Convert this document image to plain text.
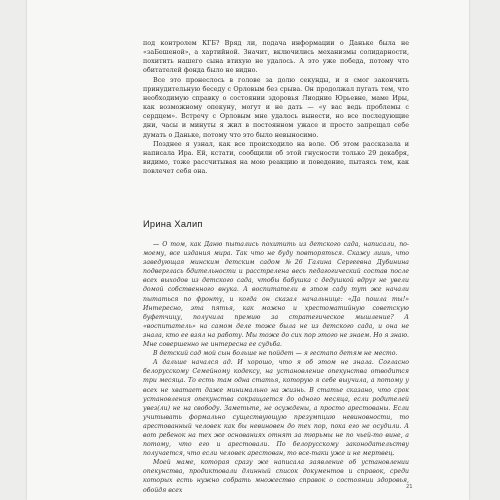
под контролем КГБ? Вряд ли, подача информации о Даньке была не «заБешеной», а хартийной. Значит, включились механизмы солидарности, похитить нашего сына втихую не удалось. А это уже победа, потому что обитателей фонда было не видно.

Все это пронеслось в голове за долю секунды, и я смог закончить принудительную беседу с Орловым без срыва. Он продолжал пугать тем, что необходимую справку о состоянии здоровья Лиодние Юрьевне, маме Иры, как возможному опекуну, могут и не дать — «у вас ведь проблемы с сердцем». Встречу с Орловым мне удалось вынести, но все последующие дни, часы и минуты я жил в постоянном ужасе и просто запрещал себе думать о Даньке, потому что это было невыносимо.

Позднее я узнал, как все происходило на воле. Об этом рассказала и написала Ира. Ей, кстати, сообщили об этой гнусности только 29 декабря, видимо, тоже рассчитывая на мою реакцию и поведение, пытаясь тем, как повлечет себя она.

Ирина Халип

— О том, как Даню пытались похитить из детского сада, написали, по-моему, все издания мира. Так что не буду повторяться. Скажу лишь, что заведующая минским детским садом №26 Галина Сергеевна Дубинина подверглась бдительности и расстрелена весь педагогический состав после всех выходов из детского сада, чтобы бабушка с дедушкой вдруг не увели домой собственного внука. А воспитатели в этом саду тут же начали пытаться по фронту, и когда он сказал начальнице: «Да пошла ты!» Интересно, эта пятья, как можно и хрестоматийную советскую буфетчицу, получила премию за стратегическое мышление? А «воспитатель» на самом деле тоже была не из детского сада, и она не знала, кто ее взял на работу. Мы тоже до сих пор этого не знаем. Но я знаю. Мне совершенно не интересна ее судьба.

В детский сад мой сын больше не пойдет — я гестапо детям не место.

А дальше начался ад. И хорошо, что я об этом не знала. Согласно белорусскому Семейному кодексу, на установление опекунства отводится три месяца. То есть там одна статья, которую я себе выучила, а потому у всех не хватает даже минимально на жизнь. В статье сказано, что срок установления опекунства сокращается до одного месяца, если родителей увез(ли) не на свободу. Заметьте, не осуждены, а просто арестованы. Если учитывать формально существующую презумпцию невиновности, то арестованный человек как бы невиновен до тех пор, пока его не осудили. А вот ребенок на тех же основаниях отнят за тюрьмы не по чьей-то вине, а потому, что его и арестовали. По белорусскому законодательству получается, что если человек арестован, то все-таки уже и не мертвец.

Моей маме, которая сразу же написала заявление об установлении опекунства, продиктовали длинный список документов и справок, среди которых есть нужно собрать множество справок о состоянии здоровья, обойдя всех	21
